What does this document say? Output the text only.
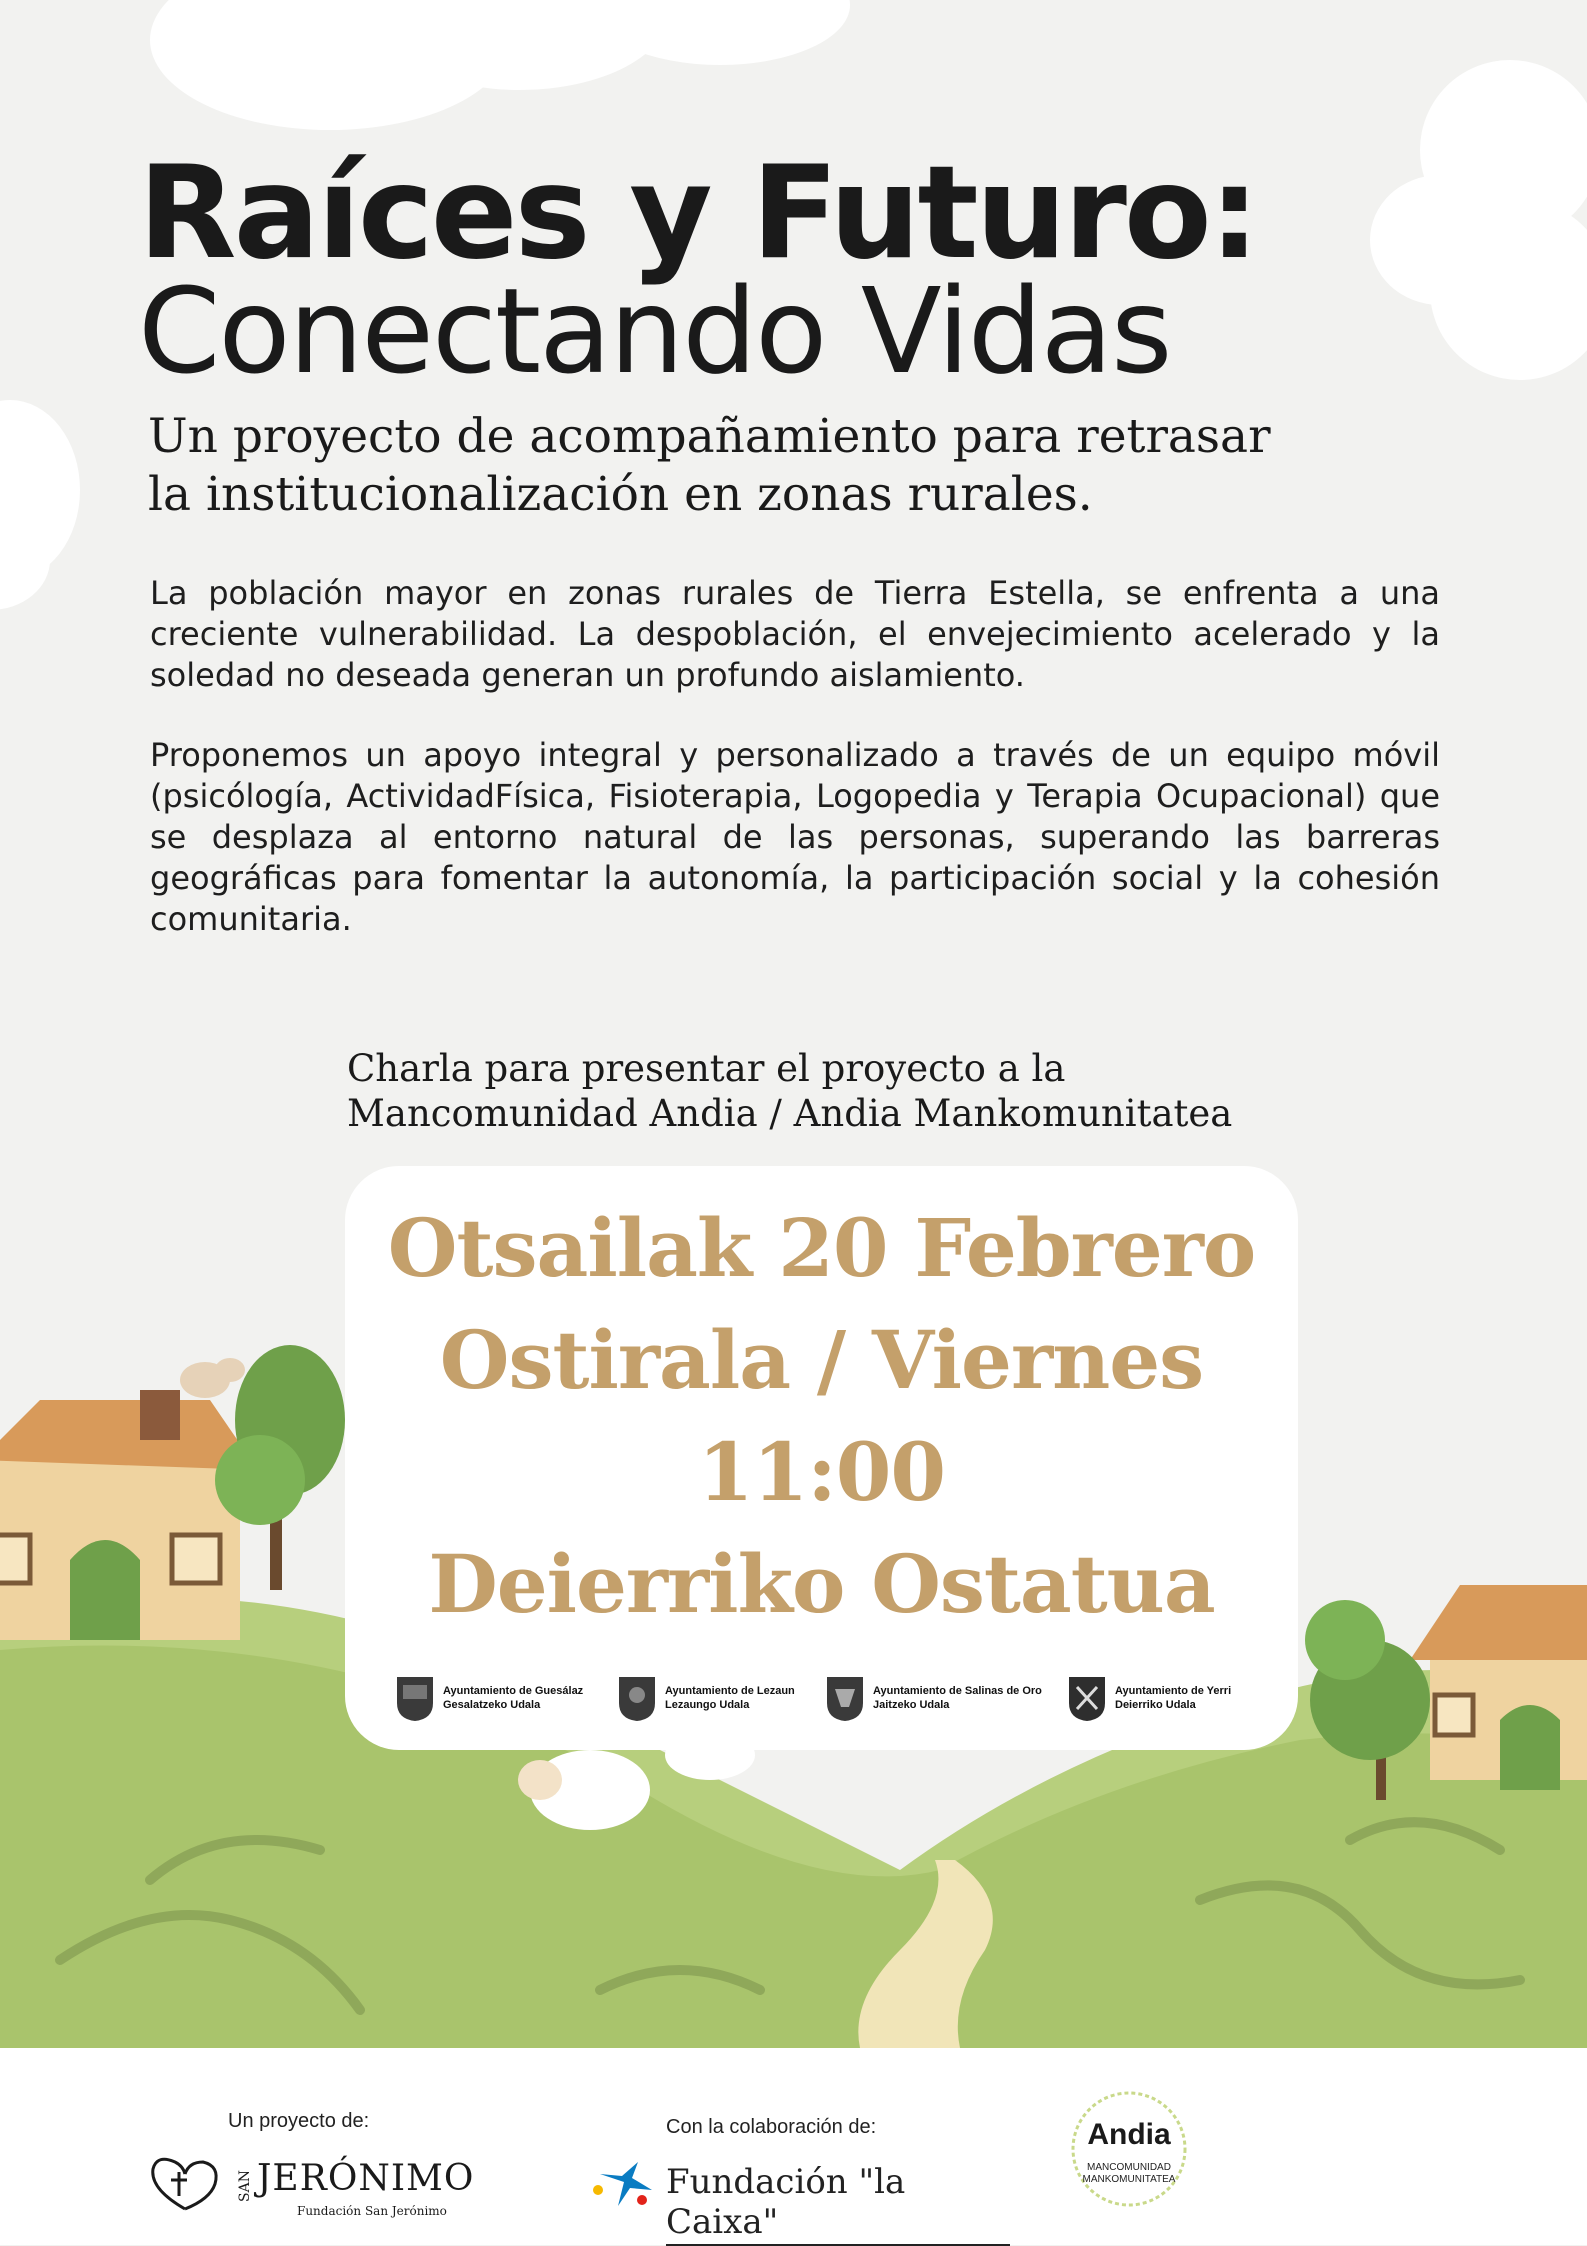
Raíces y Futuro:
Conectando Vidas
Un proyecto de acompañamiento para retrasar
la institucionalización en zonas rurales.

La población mayor en zonas rurales de Tierra Estella, se enfrenta a una creciente vulnerabilidad. La despoblación, el envejecimiento acelerado y la soledad no deseada generan un profundo aislamiento.

Proponemos un apoyo integral y personalizado a través de un equipo móvil (psicólogía, ActividadFísica, Fisioterapia, Logopedia y Terapia Ocupacional) que se desplaza al entorno natural de las personas, superando las barreras geográficas para fomentar la autonomía, la participación social y la cohesión comunitaria.

Charla para presentar el proyecto a la
Mancomunidad Andia / Andia Mankomunitatea
Otsailak 20 Febrero
Ostirala / Viernes
11:00
Deierriko Ostatua
Ayuntamiento de Guesálaz
Gesalatzeko Udala
Ayuntamiento de Lezaun
Lezaungo Udala
Ayuntamiento de Salinas de Oro
Jaitzeko Udala
Ayuntamiento de Yerri
Deierriko Udala
Un proyecto de:
SAN JERÓNIMO
Fundación San Jerónimo
Con la colaboración de:
Fundación "la Caixa"
Andia
MANCOMUNIDAD
MANKOMUNITATEA
